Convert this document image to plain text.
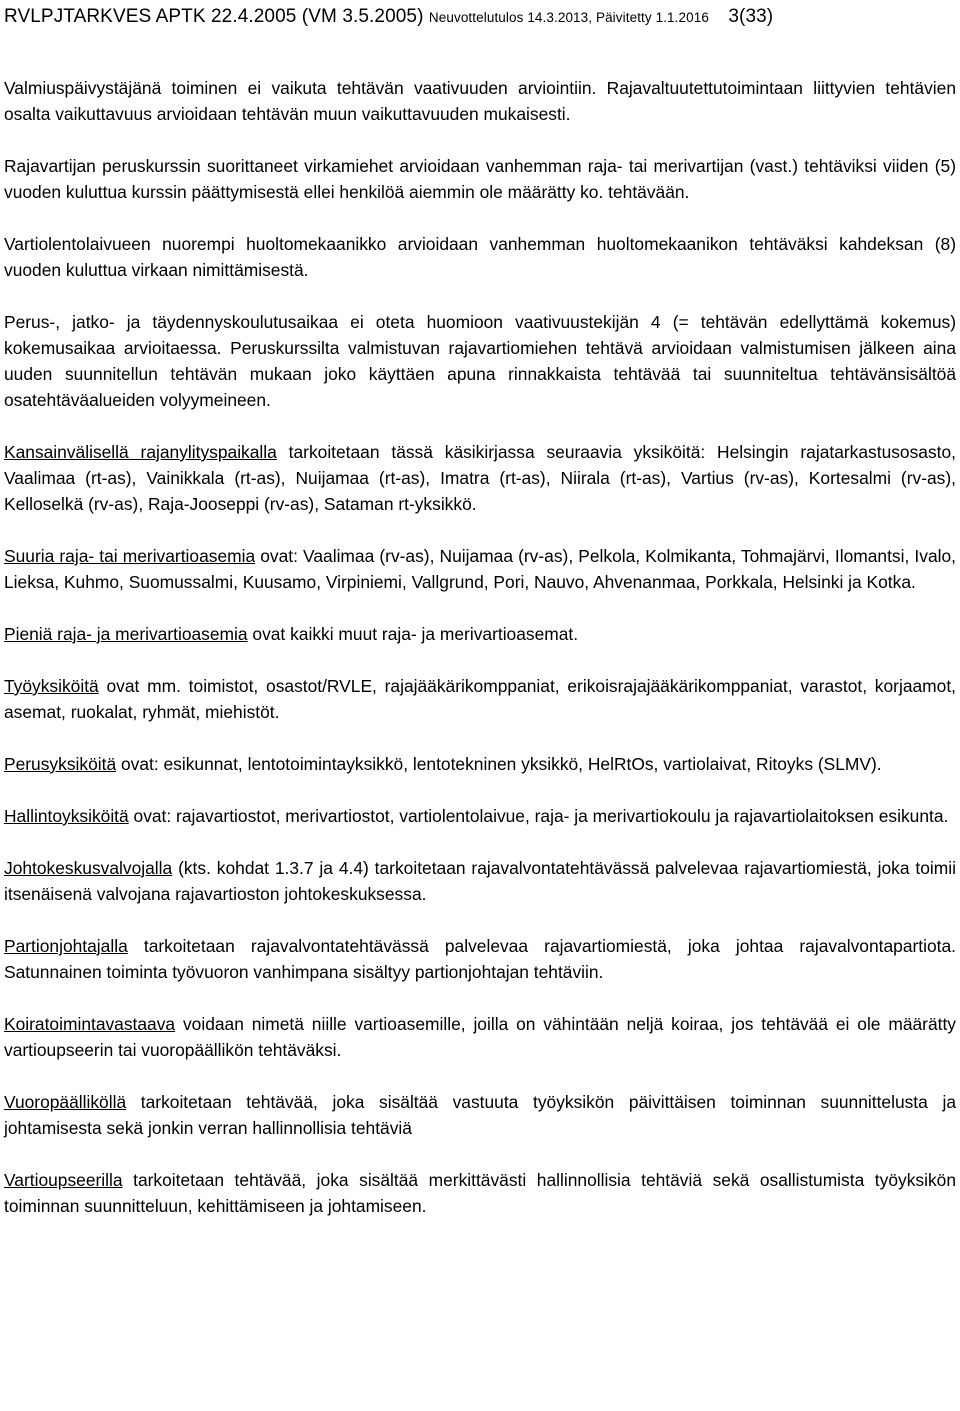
RVLPJTARKVES APTK 22.4.2005 (VM 3.5.2005) Neuvottelutulos 14.3.2013, Päivitetty 1.1.2016 3(33)

Valmiuspäivystäjänä toiminen ei vaikuta tehtävän vaativuuden arviointiin. Rajavaltuutettutoimintaan liittyvien tehtävien osalta vaikuttavuus arvioidaan tehtävän muun vaikuttavuuden mukaisesti.

Rajavartijan peruskurssin suorittaneet virkamiehet arvioidaan vanhemman raja- tai merivartijan (vast.) tehtäviksi viiden (5) vuoden kuluttua kurssin päättymisestä ellei henkilöä aiemmin ole määrätty ko. tehtävään.

Vartiolentolaivueen nuorempi huoltomekaanikko arvioidaan vanhemman huoltomekaanikon tehtäväksi kahdeksan (8) vuoden kuluttua virkaan nimittämisestä.

Perus-, jatko- ja täydennyskoulutusaikaa ei oteta huomioon vaativuustekijän 4 (= tehtävän edellyttämä kokemus) kokemusaikaa arvioitaessa. Peruskurssilta valmistuvan rajavartiomiehen tehtävä arvioidaan valmistumisen jälkeen aina uuden suunnitellun tehtävän mukaan joko käyttäen apuna rinnakkaista tehtävää tai suunniteltua tehtävänsisältöä osatehtäväalueiden volyymeineen.

Kansainvälisellä rajanylityspaikalla tarkoitetaan tässä käsikirjassa seuraavia yksiköitä: Helsingin rajatarkastusosasto, Vaalimaa (rt-as), Vainikkala (rt-as), Nuijamaa (rt-as), Imatra (rt-as), Niirala (rt-as), Vartius (rv-as), Kortesalmi (rv-as), Kelloselkä (rv-as), Raja-Jooseppi (rv-as), Sataman rt-yksikkö.

Suuria raja- tai merivartioasemia ovat: Vaalimaa (rv-as), Nuijamaa (rv-as), Pelkola, Kolmikanta, Tohmajärvi, Ilomantsi, Ivalo, Lieksa, Kuhmo, Suomussalmi, Kuusamo, Virpiniemi, Vallgrund, Pori, Nauvo, Ahvenanmaa, Porkkala, Helsinki ja Kotka.

Pieniä raja- ja merivartioasemia ovat kaikki muut raja- ja merivartioasemat.

Työyksiköitä ovat mm. toimistot, osastot/RVLE, rajajääkärikomppaniat, erikoisrajajääkärikomppaniat, varastot, korjaamot, asemat, ruokalat, ryhmät, miehistöt.

Perusyksiköitä ovat: esikunnat, lentotoimintayksikkö, lentotekninen yksikkö, HelRtOs, vartiolaivat, Ritoyks (SLMV).

Hallintoyksiköitä ovat: rajavartiostot, merivartiostot, vartiolentolaivue, raja- ja merivartiokoulu ja rajavartiolaitoksen esikunta.

Johtokeskusvalvojalla (kts. kohdat 1.3.7 ja 4.4) tarkoitetaan rajavalvontatehtävässä palvelevaa rajavartiomiestä, joka toimii itsenäisenä valvojana rajavartioston johtokeskuksessa.

Partionjohtajalla tarkoitetaan rajavalvontatehtävässä palvelevaa rajavartiomiestä, joka johtaa rajavalvontapartiota. Satunnainen toiminta työvuoron vanhimpana sisältyy partionjohtajan tehtäviin.

Koiratoimintavastaava voidaan nimetä niille vartioasemille, joilla on vähintään neljä koiraa, jos tehtävää ei ole määrätty vartioupseerin tai vuoropäällikön tehtäväksi.

Vuoropäälliköllä tarkoitetaan tehtävää, joka sisältää vastuuta työyksikön päivittäisen toiminnan suunnittelusta ja johtamisesta sekä jonkin verran hallinnollisia tehtäviä

Vartioupseerilla tarkoitetaan tehtävää, joka sisältää merkittävästi hallinnollisia tehtäviä sekä osallistumista työyksikön toiminnan suunnitteluun, kehittämiseen ja johtamiseen.
